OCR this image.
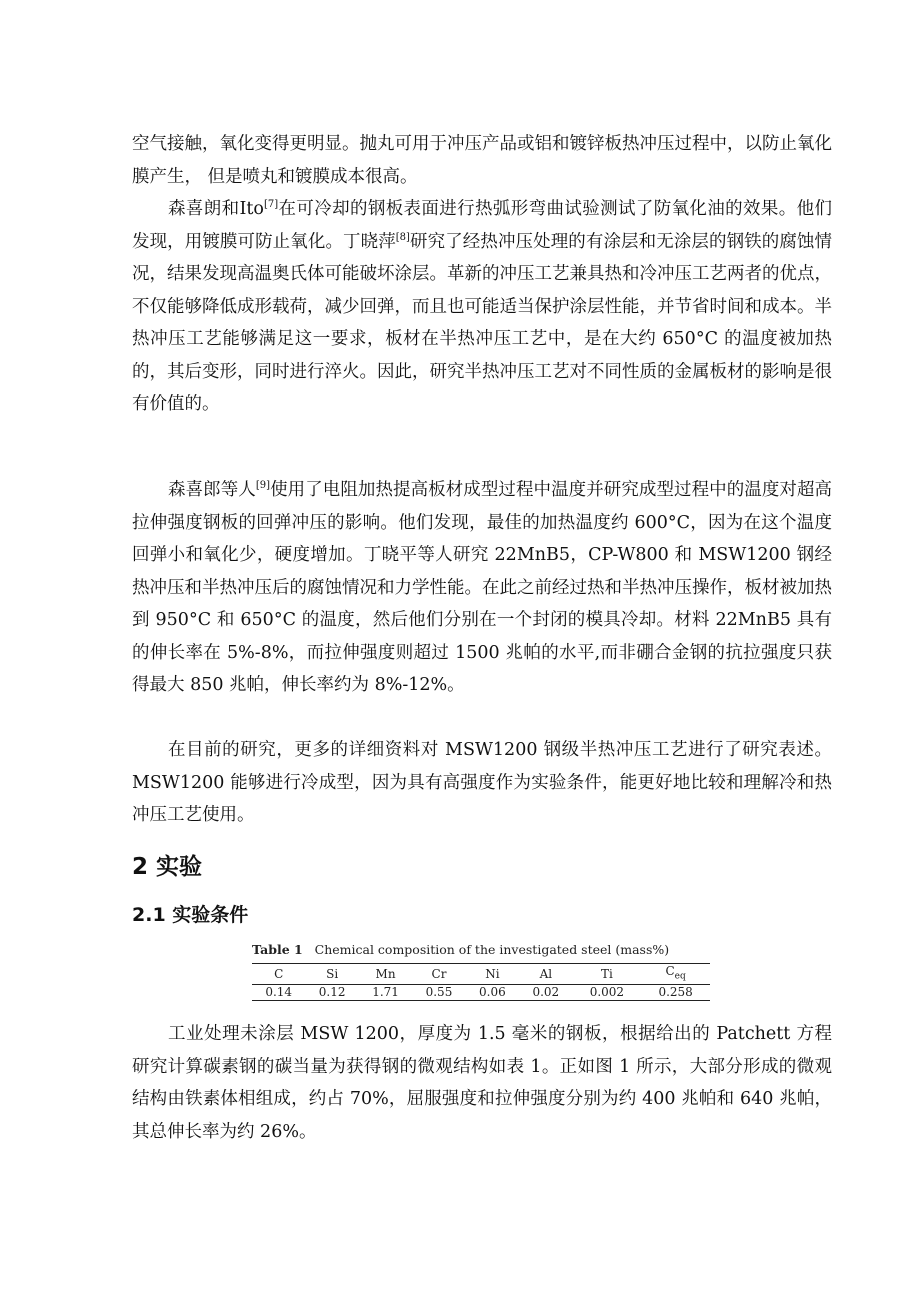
空气接触，氧化变得更明显。抛丸可用于冲压产品或铝和镀锌板热冲压过程中，以防止氧化膜产生， 但是喷丸和镀膜成本很高。

森喜朗和Ito[7]在可冷却的钢板表面进行热弧形弯曲试验测试了防氧化油的效果。他们发现，用镀膜可防止氧化。丁晓萍[8]研究了经热冲压处理的有涂层和无涂层的钢铁的腐蚀情况，结果发现高温奥氏体可能破坏涂层。革新的冲压工艺兼具热和冷冲压工艺两者的优点，不仅能够降低成形载荷，减少回弹，而且也可能适当保护涂层性能，并节省时间和成本。半热冲压工艺能够满足这一要求，板材在半热冲压工艺中，是在大约 650°C 的温度被加热的，其后变形，同时进行淬火。因此，研究半热冲压工艺对不同性质的金属板材的影响是很有价值的。

森喜郎等人[9]使用了电阻加热提高板材成型过程中温度并研究成型过程中的温度对超高拉伸强度钢板的回弹冲压的影响。他们发现，最佳的加热温度约 600°C，因为在这个温度回弹小和氧化少，硬度增加。丁晓平等人研究 22MnB5，CP-W800 和 MSW1200 钢经热冲压和半热冲压后的腐蚀情况和力学性能。在此之前经过热和半热冲压操作，板材被加热到 950°C 和 650°C 的温度，然后他们分别在一个封闭的模具冷却。材料 22MnB5 具有的伸长率在 5%-8%，而拉伸强度则超过 1500 兆帕的水平,而非硼合金钢的抗拉强度只获得最大 850 兆帕，伸长率约为 8%-12%。

在目前的研究，更多的详细资料对 MSW1200 钢级半热冲压工艺进行了研究表述。MSW1200 能够进行冷成型，因为具有高强度作为实验条件，能更好地比较和理解冷和热冲压工艺使用。

2 实验
2.1 实验条件
Table 1 Chemical composition of the investigated steel (mass%)
C	Si	Mn	Cr	Ni	Al	Ti	$C_{eq}$
0.14	0.12	1.71	0.55	0.06	0.02	0.002	0.258

工业处理未涂层 MSW 1200，厚度为 1.5 毫米的钢板，根据给出的 Patchett 方程研究计算碳素钢的碳当量为获得钢的微观结构如表 1。正如图 1 所示，大部分形成的微观结构由铁素体相组成，约占 70%，屈服强度和拉伸强度分别为约 400 兆帕和 640 兆帕，其总伸长率为约 26%。
